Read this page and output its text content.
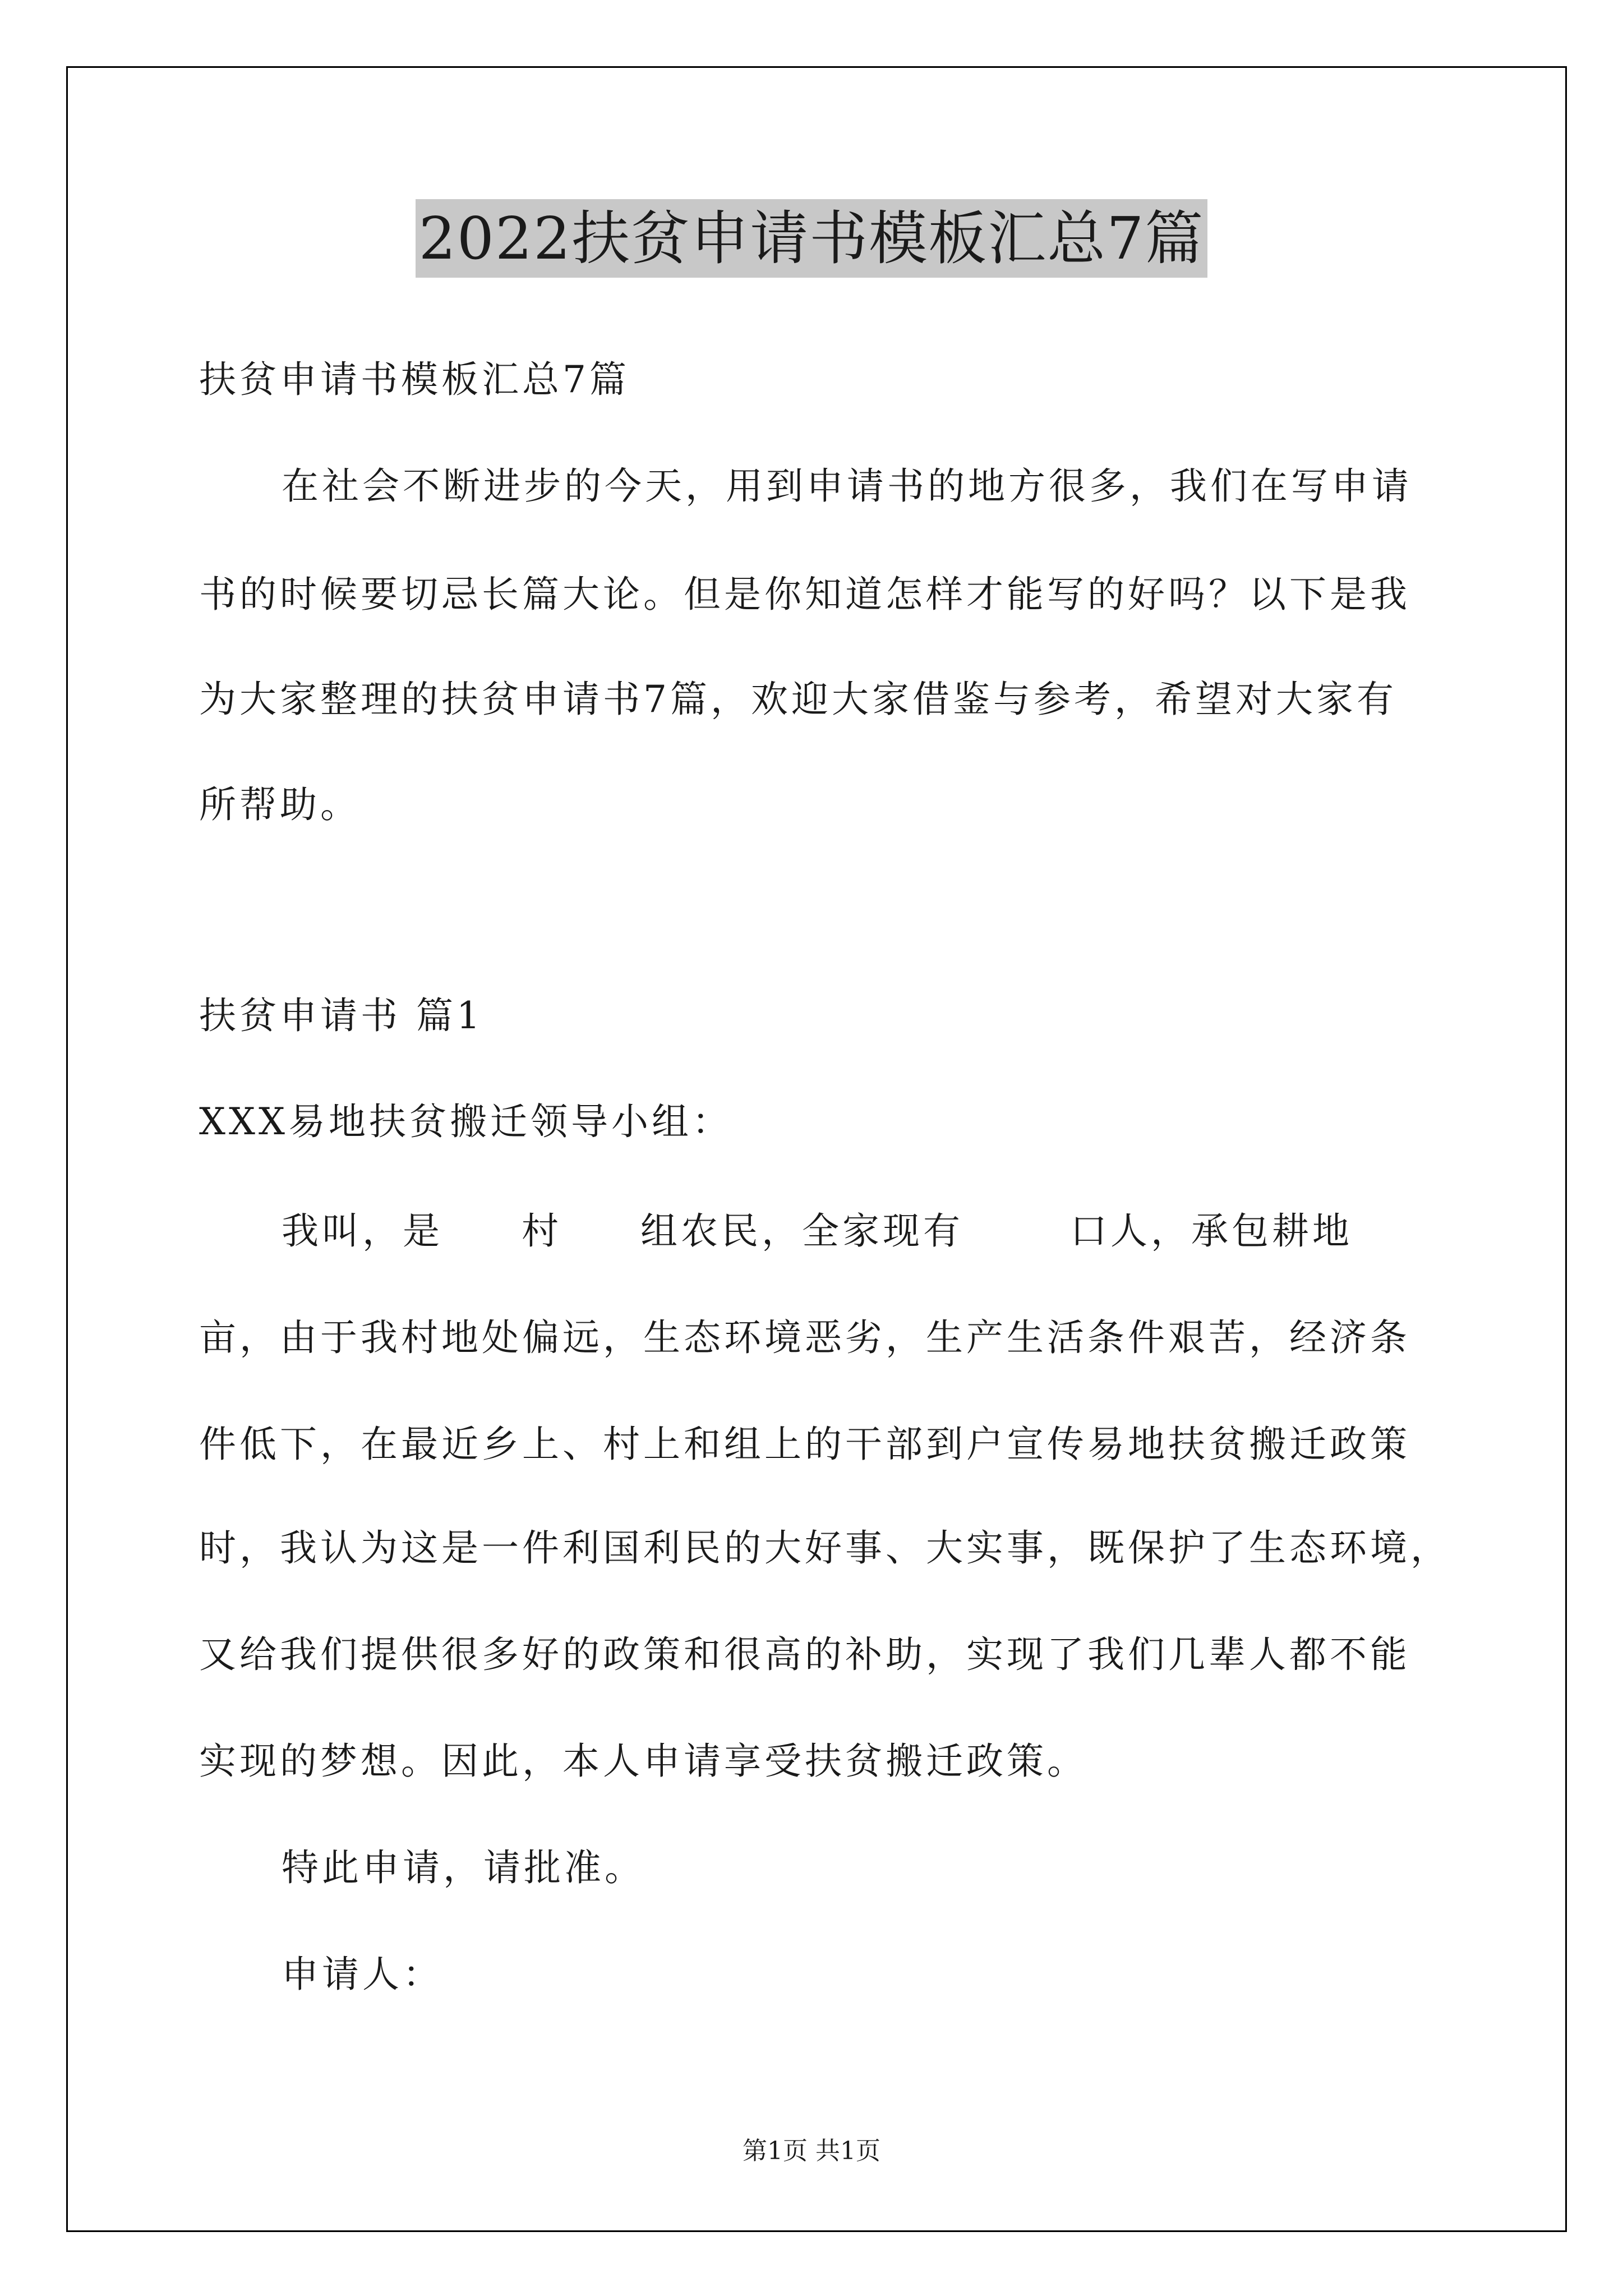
2022扶贫申请书模板汇总7篇
扶贫申请书模板汇总7篇
在社会不断进步的今天，用到申请书的地方很多，我们在写申请
书的时候要切忌长篇大论。但是你知道怎样才能写的好吗？以下是我
为大家整理的扶贫申请书7篇，欢迎大家借鉴与参考，希望对大家有
所帮助。
扶贫申请书 篇1
XXX易地扶贫搬迁领导小组：
我叫，是 村 组农民，全家现有	口人，承包耕地
亩，由于我村地处偏远，生态环境恶劣，生产生活条件艰苦，经济条
件低下，在最近乡上、村上和组上的干部到户宣传易地扶贫搬迁政策
时，我认为这是一件利国利民的大好事、大实事，既保护了生态环境，
又给我们提供很多好的政策和很高的补助，实现了我们几辈人都不能
实现的梦想。因此，本人申请享受扶贫搬迁政策。
特此申请，请批准。
申请人：
第1页 共1页
